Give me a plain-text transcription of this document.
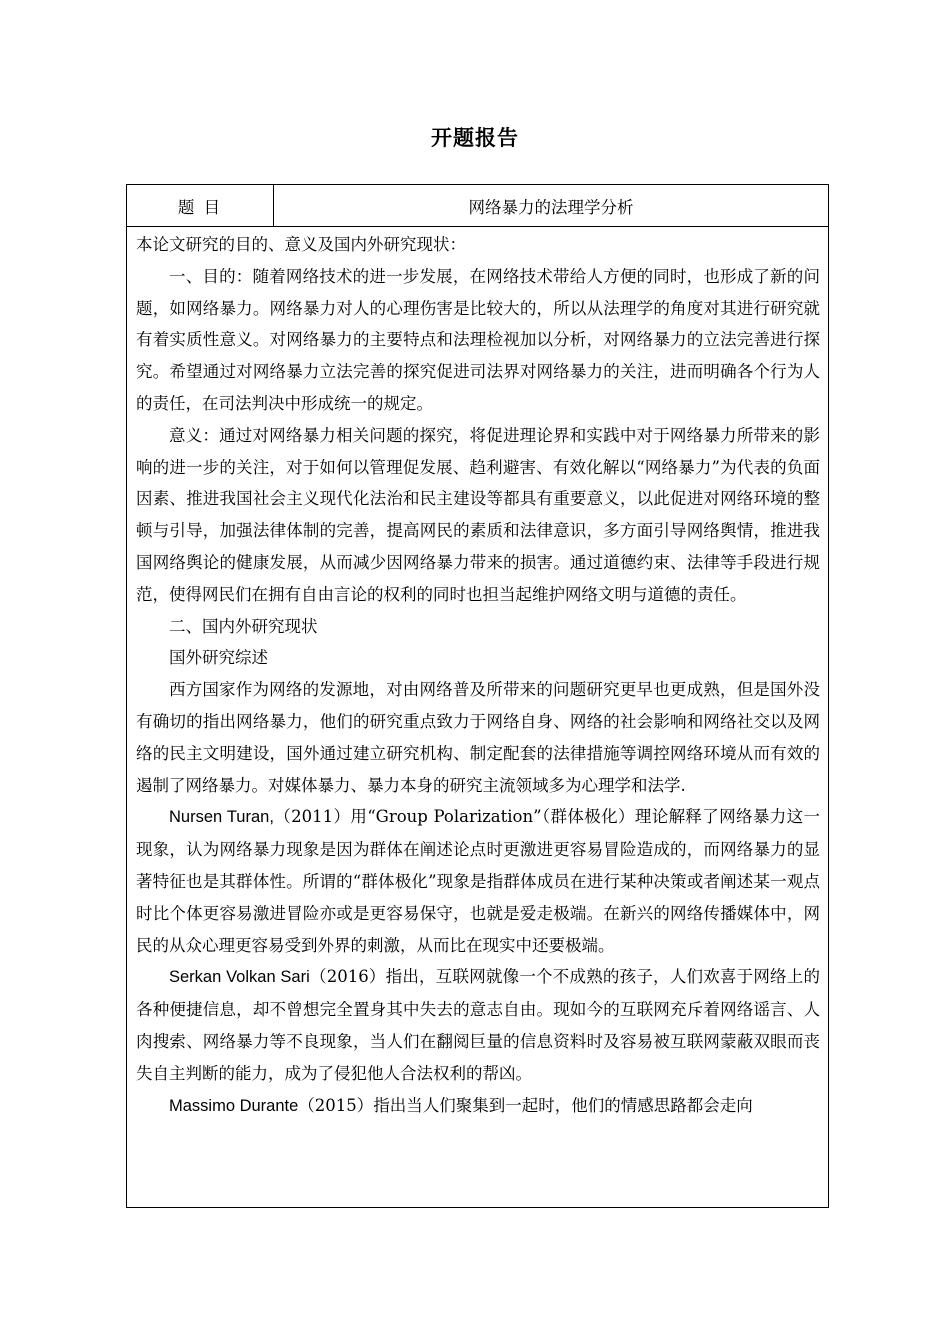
开题报告
题 目	网络暴力的法理学分析

本论文研究的目的、意义及国内外研究现状：

一、目的：随着网络技术的进一步发展，在网络技术带给人方便的同时，也形成了新的问题，如网络暴力。网络暴力对人的心理伤害是比较大的，所以从法理学的角度对其进行研究就有着实质性意义。对网络暴力的主要特点和法理检视加以分析，对网络暴力的立法完善进行探究。希望通过对网络暴力立法完善的探究促进司法界对网络暴力的关注，进而明确各个行为人的责任，在司法判决中形成统一的规定。

意义：通过对网络暴力相关问题的探究，将促进理论界和实践中对于网络暴力所带来的影响的进一步的关注，对于如何以管理促发展、趋利避害、有效化解以“网络暴力”为代表的负面因素、推进我国社会主义现代化法治和民主建设等都具有重要意义，以此促进对网络环境的整顿与引导，加强法律体制的完善，提高网民的素质和法律意识，多方面引导网络舆情，推进我国网络舆论的健康发展，从而减少因网络暴力带来的损害。通过道德约束、法律等手段进行规范，使得网民们在拥有自由言论的权利的同时也担当起维护网络文明与道德的责任。

二、国内外研究现状

国外研究综述

西方国家作为网络的发源地，对由网络普及所带来的问题研究更早也更成熟，但是国外没有确切的指出网络暴力，他们的研究重点致力于网络自身、网络的社会影响和网络社交以及网络的民主文明建设，国外通过建立研究机构、制定配套的法律措施等调控网络环境从而有效的遏制了网络暴力。对媒体暴力、暴力本身的研究主流领域多为心理学和法学.

Nursen Turan,（2011）用“Group Polarization”（群体极化）理论解释了网络暴力这一现象，认为网络暴力现象是因为群体在阐述论点时更激进更容易冒险造成的，而网络暴力的显著特征也是其群体性。所谓的“群体极化”现象是指群体成员在进行某种决策或者阐述某一观点时比个体更容易激进冒险亦或是更容易保守，也就是爱走极端。在新兴的网络传播媒体中，网民的从众心理更容易受到外界的刺激，从而比在现实中还要极端。

Serkan Volkan Sari（2016）指出，互联网就像一个不成熟的孩子，人们欢喜于网络上的各种便捷信息，却不曾想完全置身其中失去的意志自由。现如今的互联网充斥着网络谣言、人肉搜索、网络暴力等不良现象，当人们在翻阅巨量的信息资料时及容易被互联网蒙蔽双眼而丧失自主判断的能力，成为了侵犯他人合法权利的帮凶。

Massimo Durante（2015）指出当人们聚集到一起时，他们的情感思路都会走向
